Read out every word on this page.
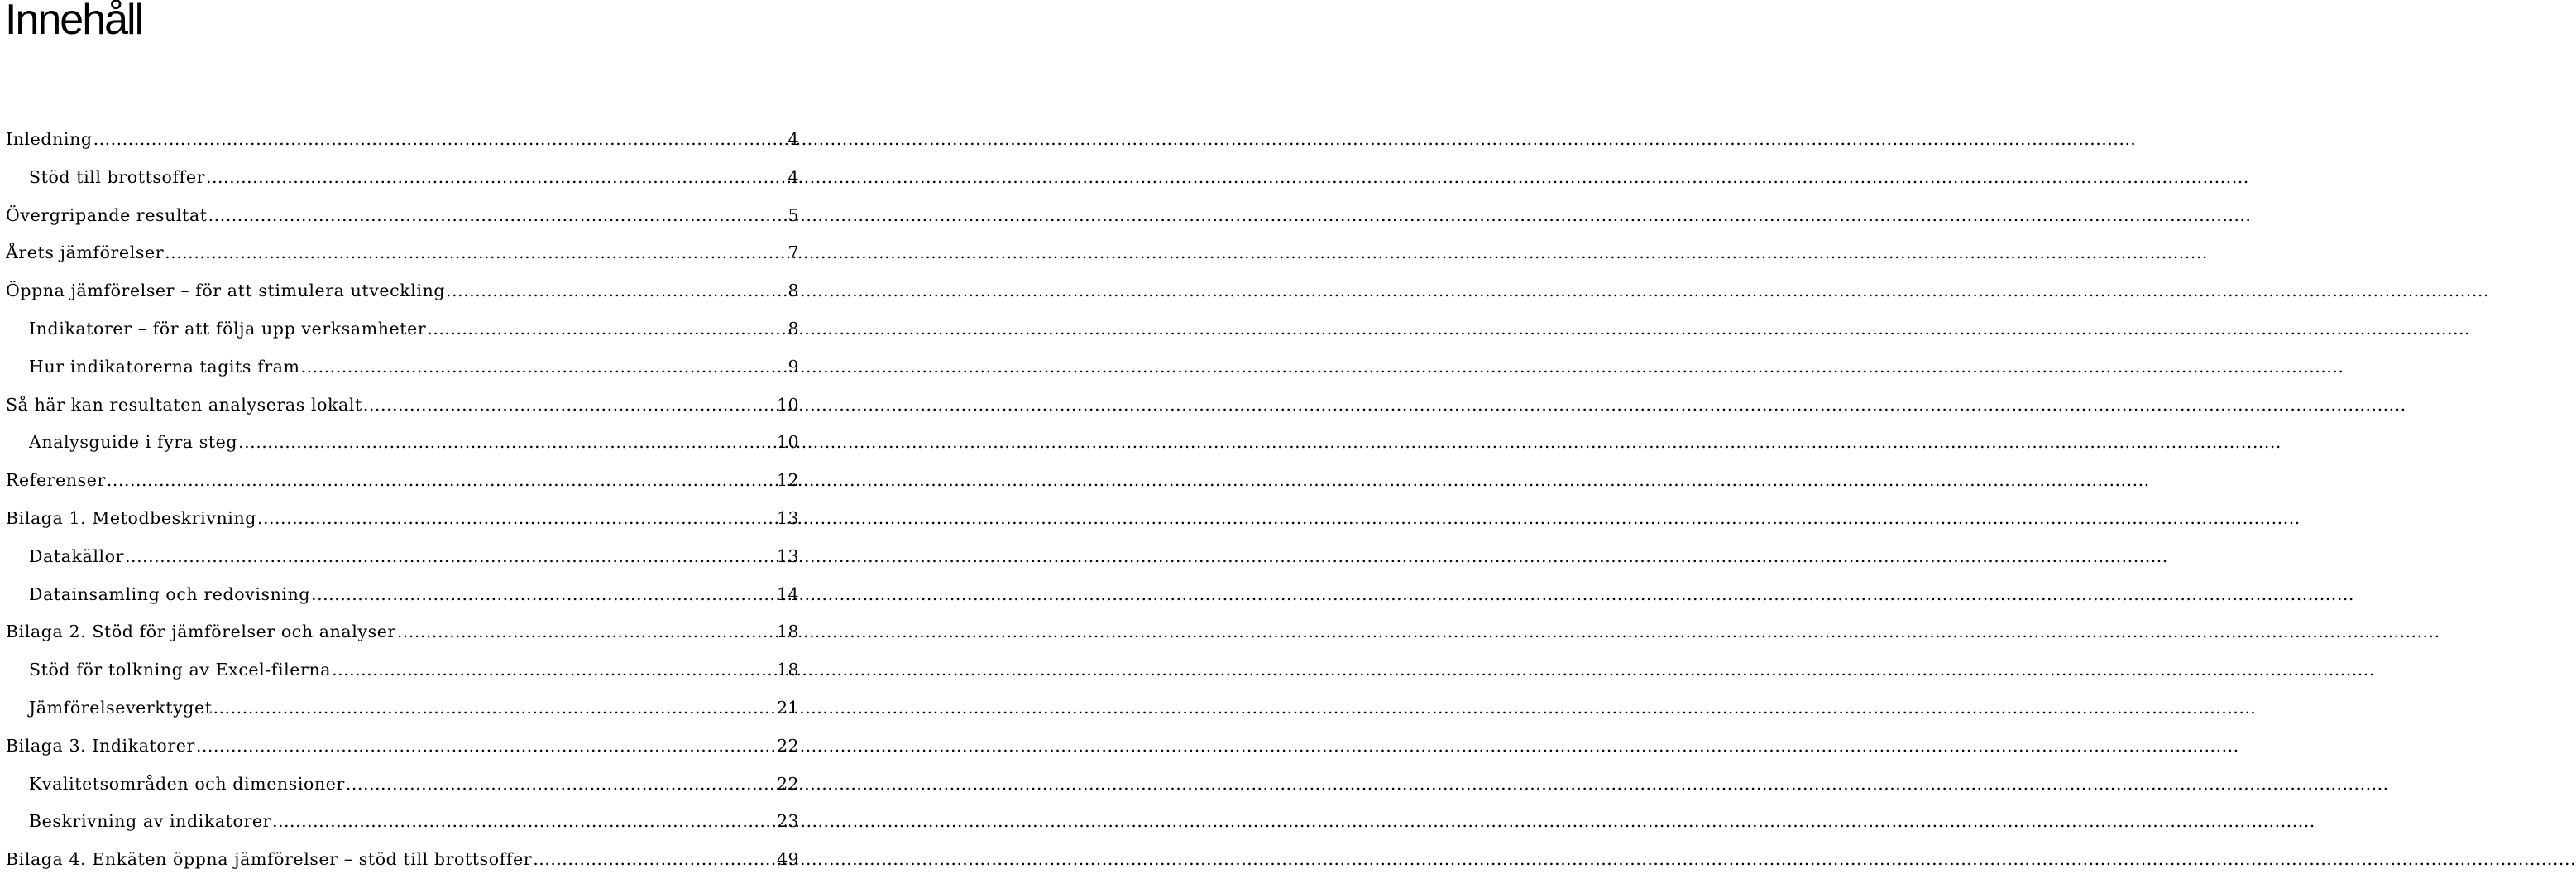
Innehåll
Inledning .....	4
Stöd till brottsoffer .....	4
Övergripande resultat .....	5
Årets jämförelser .....	7
Öppna jämförelser – för att stimulera utveckling .....	8
Indikatorer – för att följa upp verksamheter .....	8
Hur indikatorerna tagits fram .....	9
Så här kan resultaten analyseras lokalt .....	10
Analysguide i fyra steg .....	10
Referenser .....	12
Bilaga 1. Metodbeskrivning .....	13
Datakällor .....	13
Datainsamling och redovisning .....	14
Bilaga 2. Stöd för jämförelser och analyser .....	18
Stöd för tolkning av Excel-filerna .....	18
Jämförelseverktyget .....	21
Bilaga 3. Indikatorer .....	22
Kvalitetsområden och dimensioner .....	22
Beskrivning av indikatorer .....	23
Bilaga 4. Enkäten öppna jämförelser – stöd till brottsoffer .....	49
